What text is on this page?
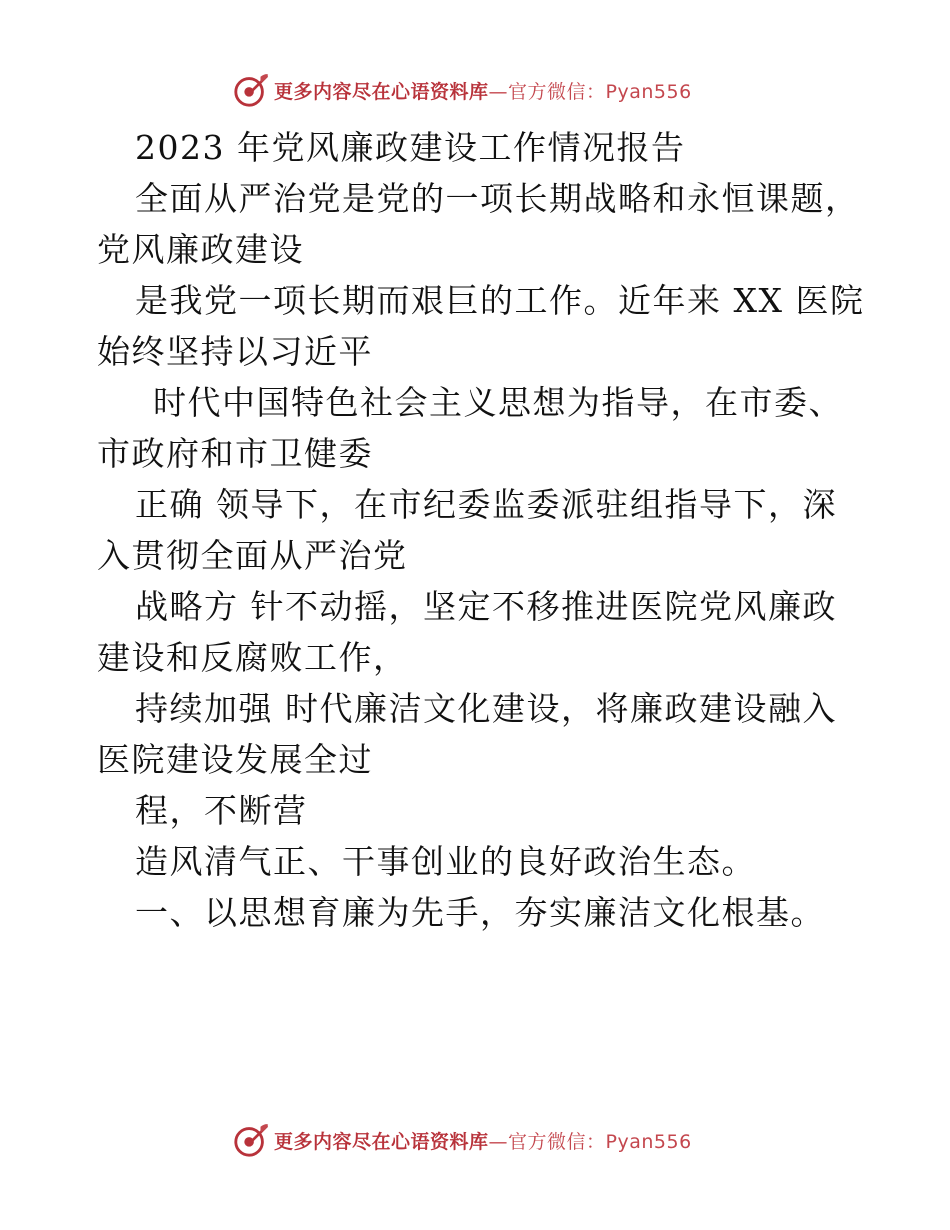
更多内容尽在心语资料库—官方微信：Pyan556
2023 年党风廉政建设工作情况报告
全面从严治党是党的一项长期战略和永恒课题，
党风廉政建设
是我党一项长期而艰巨的工作。近年来 XX 医院
始终坚持以习近平
时代中国特色社会主义思想为指导，在市委、
市政府和市卫健委
正确 领导下，在市纪委监委派驻组指导下，深
入贯彻全面从严治党
战略方 针不动摇，坚定不移推进医院党风廉政
建设和反腐败工作，
持续加强 时代廉洁文化建设，将廉政建设融入
医院建设发展全过
程，不断营
造风清气正、干事创业的良好政治生态。
一、以思想育廉为先手，夯实廉洁文化根基。
更多内容尽在心语资料库—官方微信：Pyan556
